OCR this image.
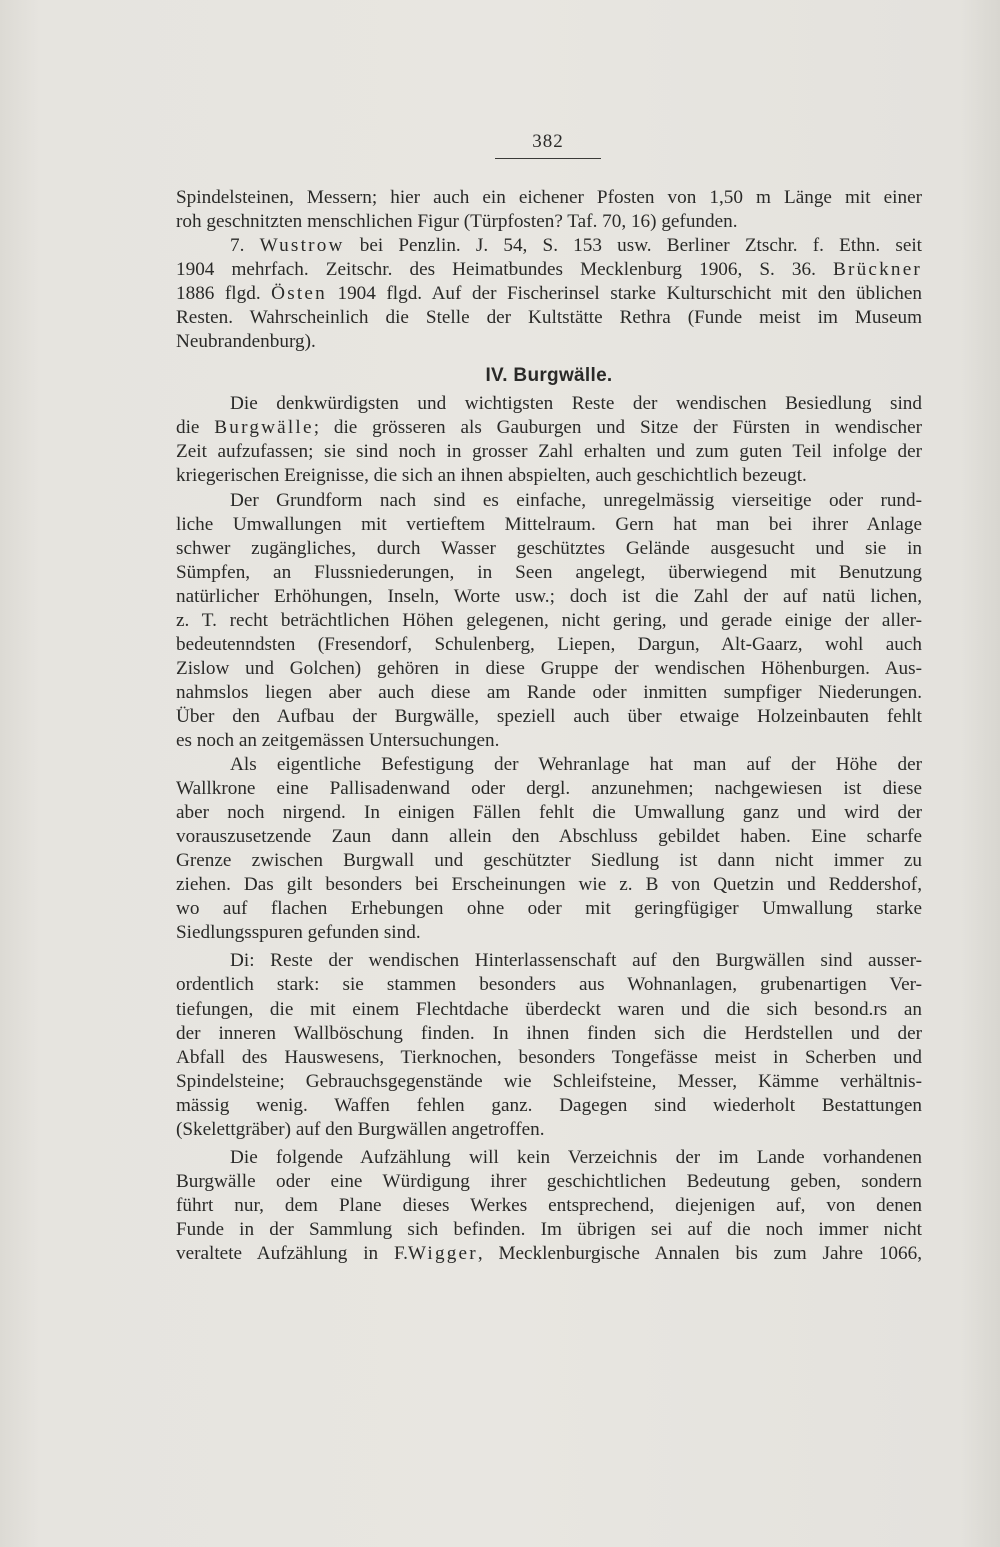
382

Spindelsteinen, Messern; hier auch ein eichener Pfosten von 1,50 m Länge mit einer

roh geschnitzten menschlichen Figur (Türpfosten? Taf. 70, 16) gefunden.

7. Wustrow bei Penzlin. J. 54, S. 153 usw. Berliner Ztschr. f. Ethn. seit

1904 mehrfach. Zeitschr. des Heimatbundes Mecklenburg 1906, S. 36. Brückner

1886 flgd. Östen 1904 flgd. Auf der Fischerinsel starke Kulturschicht mit den üblichen

Resten. Wahrscheinlich die Stelle der Kultstätte Rethra (Funde meist im Museum

Neubrandenburg).

IV. Burgwälle.

Die denkwürdigsten und wichtigsten Reste der wendischen Besiedlung sind

die Burgwälle; die grösseren als Gauburgen und Sitze der Fürsten in wendischer

Zeit aufzufassen; sie sind noch in grosser Zahl erhalten und zum guten Teil infolge der

kriegerischen Ereignisse, die sich an ihnen abspielten, auch geschichtlich bezeugt.

Der Grundform nach sind es einfache, unregelmässig vierseitige oder rund-

liche Umwallungen mit vertieftem Mittelraum. Gern hat man bei ihrer Anlage

schwer zugängliches, durch Wasser geschütztes Gelände ausgesucht und sie in

Sümpfen, an Flussniederungen, in Seen angelegt, überwiegend mit Benutzung

natürlicher Erhöhungen, Inseln, Worte usw.; doch ist die Zahl der auf natü lichen,

z. T. recht beträchtlichen Höhen gelegenen, nicht gering, und gerade einige der aller-

bedeutenndsten (Fresendorf, Schulenberg, Liepen, Dargun, Alt-Gaarz, wohl auch

Zislow und Golchen) gehören in diese Gruppe der wendischen Höhenburgen. Aus-

nahmslos liegen aber auch diese am Rande oder inmitten sumpfiger Niederungen.

Über den Aufbau der Burgwälle, speziell auch über etwaige Holzeinbauten fehlt

es noch an zeitgemässen Untersuchungen.

Als eigentliche Befestigung der Wehranlage hat man auf der Höhe der

Wallkrone eine Pallisadenwand oder dergl. anzunehmen; nachgewiesen ist diese

aber noch nirgend. In einigen Fällen fehlt die Umwallung ganz und wird der

vorauszusetzende Zaun dann allein den Abschluss gebildet haben. Eine scharfe

Grenze zwischen Burgwall und geschützter Siedlung ist dann nicht immer zu

ziehen. Das gilt besonders bei Erscheinungen wie z. B von Quetzin und Reddershof,

wo auf flachen Erhebungen ohne oder mit geringfügiger Umwallung starke

Siedlungsspuren gefunden sind.

Di: Reste der wendischen Hinterlassenschaft auf den Burgwällen sind ausser-

ordentlich stark: sie stammen besonders aus Wohnanlagen, grubenartigen Ver-

tiefungen, die mit einem Flechtdache überdeckt waren und die sich besond.rs an

der inneren Wallböschung finden. In ihnen finden sich die Herdstellen und der

Abfall des Hauswesens, Tierknochen, besonders Tongefässe meist in Scherben und

Spindelsteine; Gebrauchsgegenstände wie Schleifsteine, Messer, Kämme verhältnis-

mässig wenig. Waffen fehlen ganz. Dagegen sind wiederholt Bestattungen

(Skelettgräber) auf den Burgwällen angetroffen.

Die folgende Aufzählung will kein Verzeichnis der im Lande vorhandenen

Burgwälle oder eine Würdigung ihrer geschichtlichen Bedeutung geben, sondern

führt nur, dem Plane dieses Werkes entsprechend, diejenigen auf, von denen

Funde in der Sammlung sich befinden. Im übrigen sei auf die noch immer nicht

veraltete Aufzählung in F.Wigger, Mecklenburgische Annalen bis zum Jahre 1066,
